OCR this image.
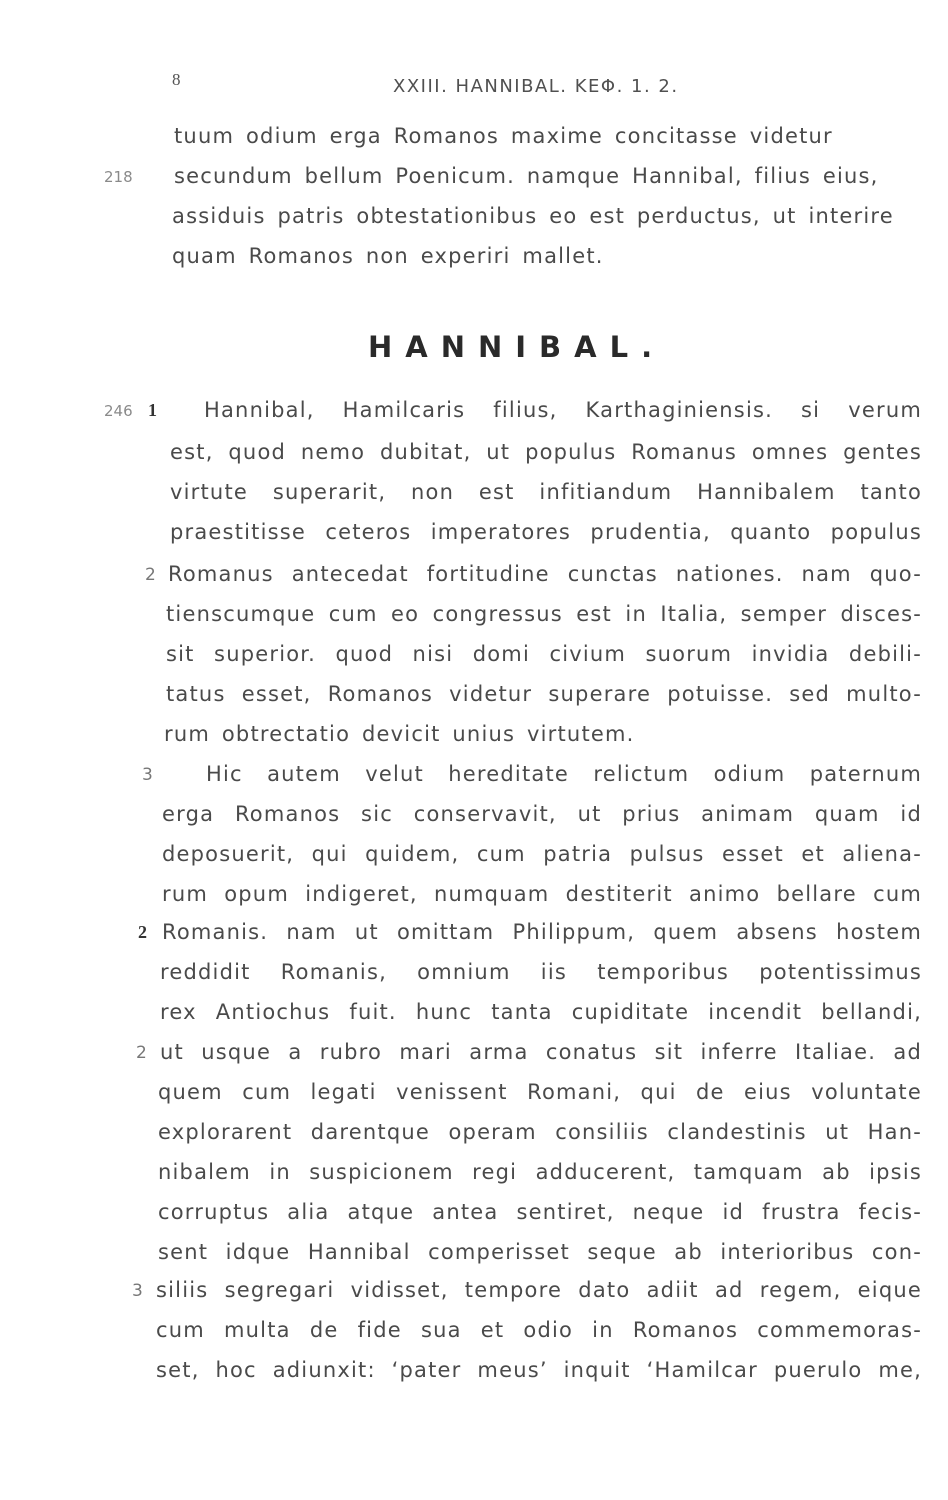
8	XXIII. HANNIBAL. ΚΕΦ. 1. 2.
tuum odium erga Romanos maxime concitasse videtur
218 secundum bellum Poenicum. namque Hannibal, filius eius,
assiduis patris obtestationibus eo est perductus, ut interire
quam Romanos non experiri mallet.
HANNIBAL.
246 1 Hannibal, Hamilcaris filius, Karthaginiensis. si verum
est, quod nemo dubitat, ut populus Romanus omnes gentes
virtute superarit, non est infitiandum Hannibalem tanto
praestitisse ceteros imperatores prudentia, quanto populus
2 Romanus antecedat fortitudine cunctas nationes. nam quo-
tienscumque cum eo congressus est in Italia, semper disces-
sit superior. quod nisi domi civium suorum invidia debili-
tatus esset, Romanos videtur superare potuisse. sed multo-
rum obtrectatio devicit unius virtutem.
3	Hic autem velut hereditate relictum odium paternum
erga Romanos sic conservavit, ut prius animam quam id
deposuerit, qui quidem, cum patria pulsus esset et aliena-
rum opum indigeret, numquam destiterit animo bellare cum
2 Romanis. nam ut omittam Philippum, quem absens hostem
reddidit Romanis, omnium iis temporibus potentissimus
rex Antiochus fuit. hunc tanta cupiditate incendit bellandi,
2 ut usque a rubro mari arma conatus sit inferre Italiae. ad
quem cum legati venissent Romani, qui de eius voluntate
explorarent darentque operam consiliis clandestinis ut Han-
nibalem in suspicionem regi adducerent, tamquam ab ipsis
corruptus alia atque antea sentiret, neque id frustra fecis-
sent idque Hannibal comperisset seque ab interioribus con-
3 siliis segregari vidisset, tempore dato adiit ad regem, eique
cum multa de fide sua et odio in Romanos commemoras-
set, hoc adiunxit: ‘pater meus’ inquit ‘Hamilcar puerulo me,
